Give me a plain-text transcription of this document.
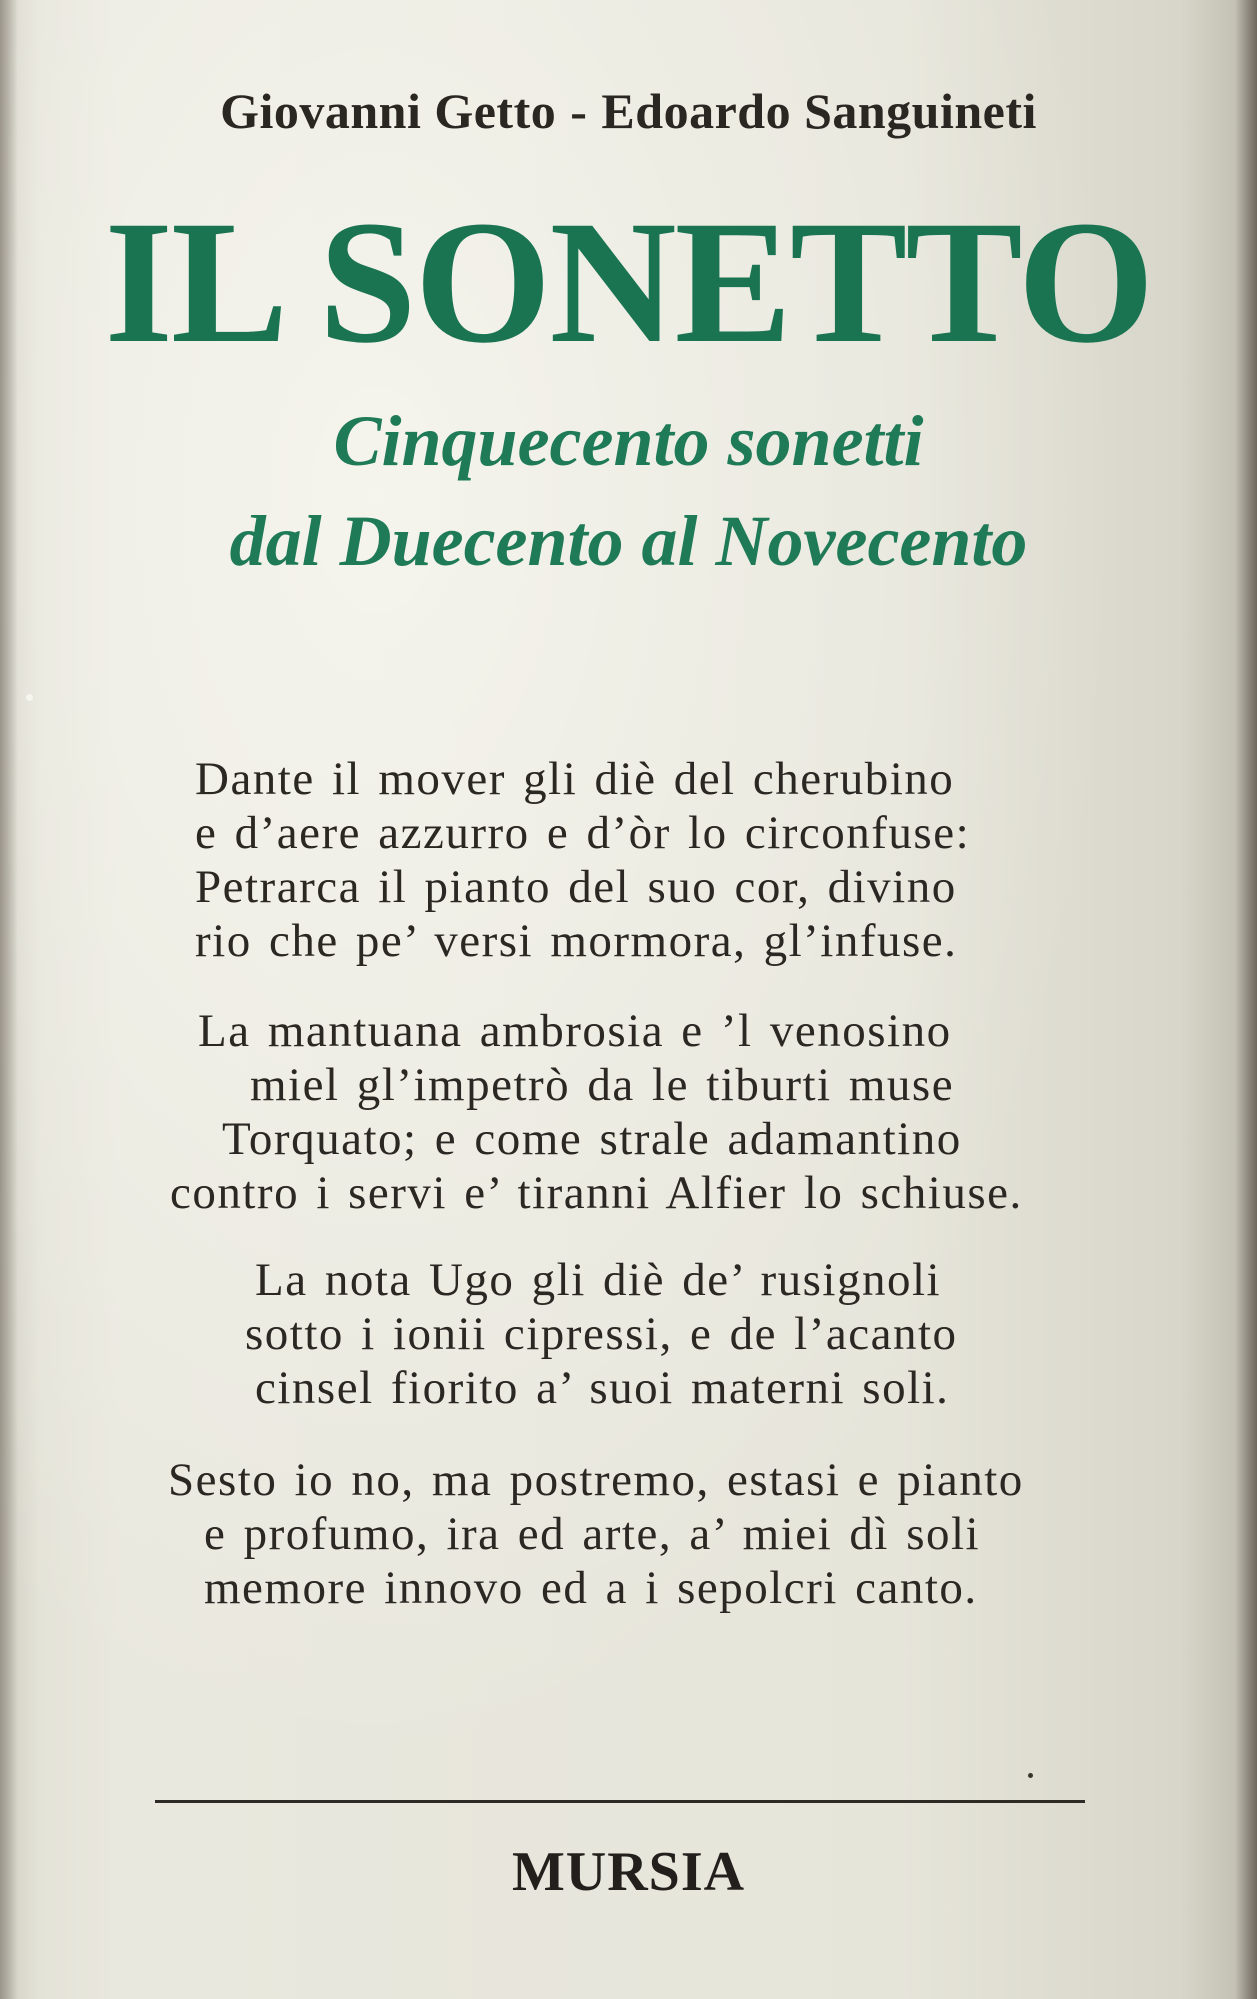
Giovanni Getto - Edoardo Sanguineti
IL SONETTO
Cinquecento sonetti
dal Duecento al Novecento
Dante il mover gli diè del cherubino
e d’aere azzurro e d’òr lo circonfuse:
Petrarca il pianto del suo cor, divino
rio che pe’ versi mormora, gl’infuse.
La mantuana ambrosia e ’l venosino
miel gl’impetrò da le tiburti muse
Torquato; e come strale adamantino
contro i servi e’ tiranni Alfier lo schiuse.
La nota Ugo gli diè de’ rusignoli
sotto i ionii cipressi, e de l’acanto
cinsel fiorito a’ suoi materni soli.
Sesto io no, ma postremo, estasi e pianto
e profumo, ira ed arte, a’ miei dì soli
memore innovo ed a i sepolcri canto.
MURSIA
